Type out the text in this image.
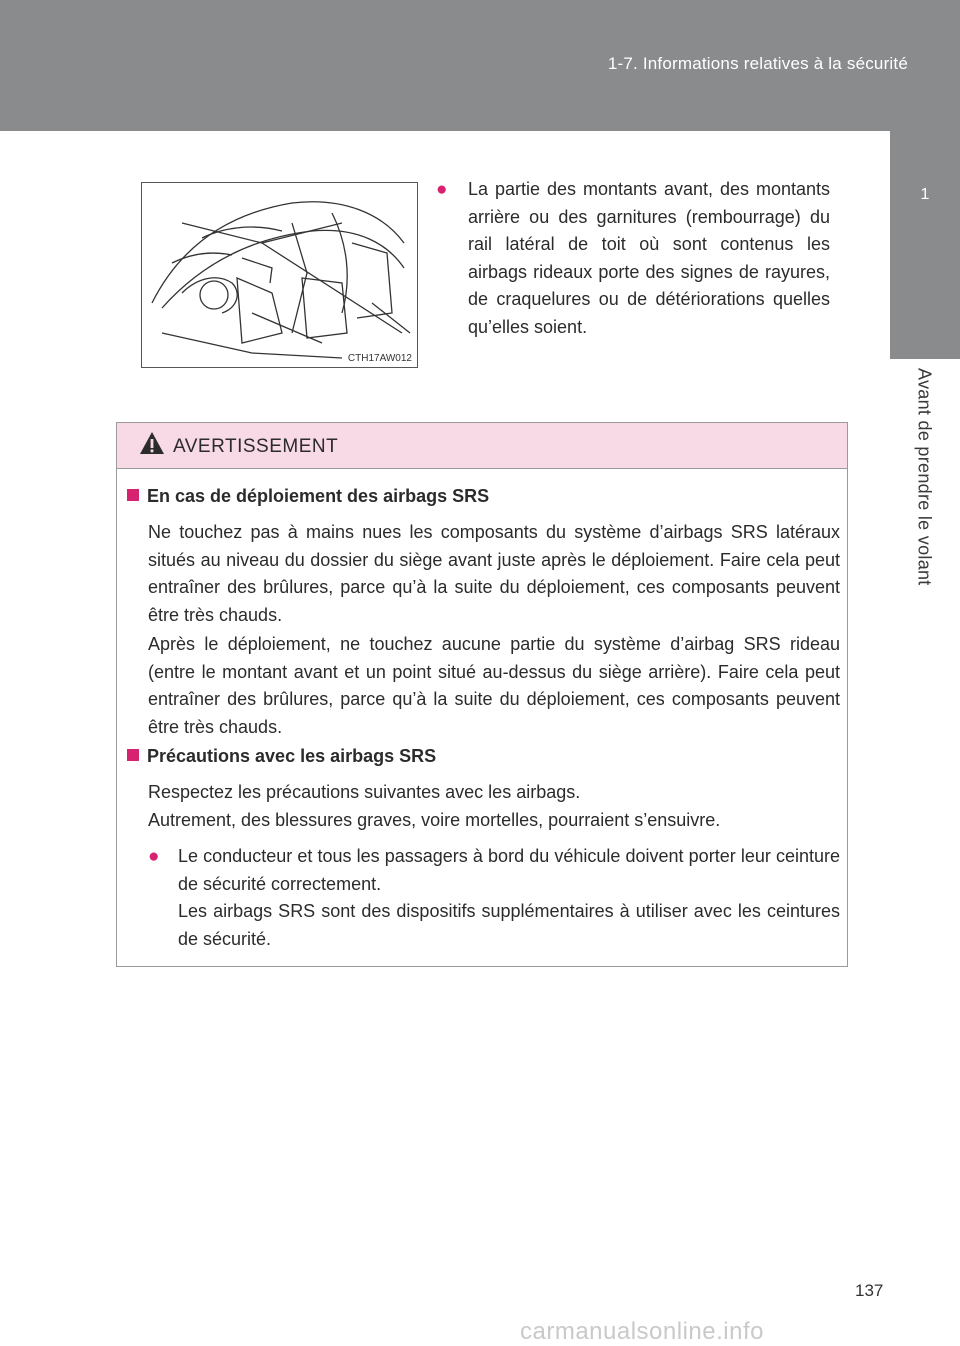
1-7. Informations relatives à la sécurité
1
Avant de prendre le volant
CTH17AW012
● La partie des montants avant, des montants arrière ou des garnitures (rembourrage) du rail latéral de toit où sont contenus les airbags rideaux porte des signes de rayures, de craquelures ou de détériorations quelles qu’elles soient.
AVERTISSEMENT
En cas de déploiement des airbags SRS
Ne touchez pas à mains nues les composants du système d’airbags SRS latéraux situés au niveau du dossier du siège avant juste après le déploiement. Faire cela peut entraîner des brûlures, parce qu’à la suite du déploiement, ces composants peuvent être très chauds.
Après le déploiement, ne touchez aucune partie du système d’airbag SRS rideau (entre le montant avant et un point situé au-dessus du siège arrière). Faire cela peut entraîner des brûlures, parce qu’à la suite du déploiement, ces composants peuvent être très chauds.
Précautions avec les airbags SRS
Respectez les précautions suivantes avec les airbags.
Autrement, des blessures graves, voire mortelles, pourraient s’ensuivre.
● Le conducteur et tous les passagers à bord du véhicule doivent porter leur ceinture de sécurité correctement.
Les airbags SRS sont des dispositifs supplémentaires à utiliser avec les ceintures de sécurité.
137
carmanualsonline.info
